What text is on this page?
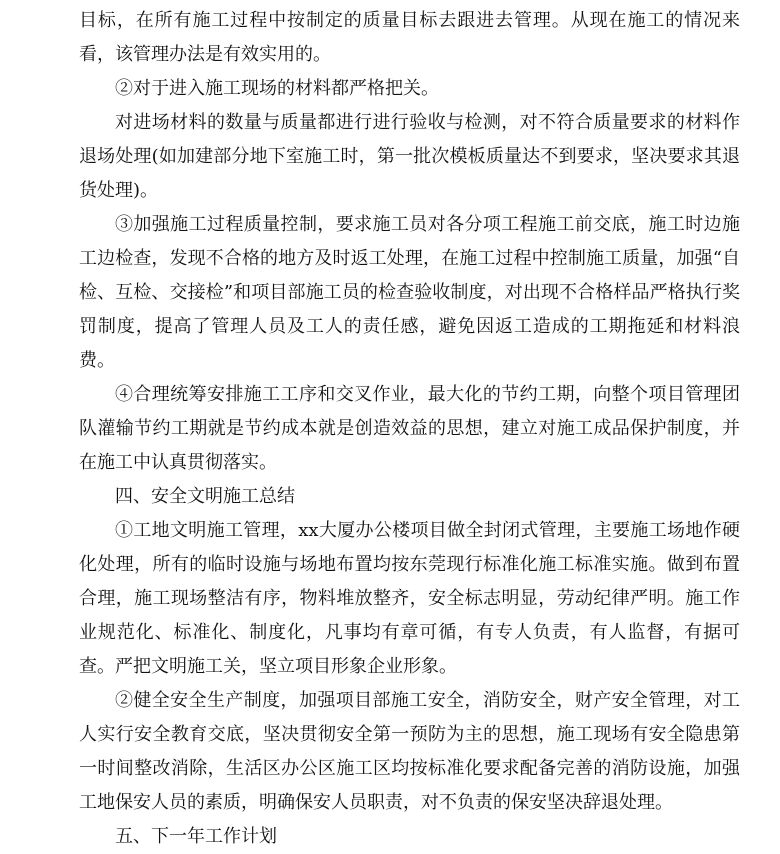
目标，在所有施工过程中按制定的质量目标去跟进去管理。从现在施工的情况来看，该管理办法是有效实用的。

②对于进入施工现场的材料都严格把关。

对进场材料的数量与质量都进行进行验收与检测，对不符合质量要求的材料作退场处理(如加建部分地下室施工时，第一批次模板质量达不到要求，坚决要求其退货处理)。

③加强施工过程质量控制，要求施工员对各分项工程施工前交底，施工时边施工边检查，发现不合格的地方及时返工处理，在施工过程中控制施工质量，加强“自检、互检、交接检”和项目部施工员的检查验收制度，对出现不合格样品严格执行奖罚制度，提高了管理人员及工人的责任感，避免因返工造成的工期拖延和材料浪费。

④合理统筹安排施工工序和交叉作业，最大化的节约工期，向整个项目管理团队灌输节约工期就是节约成本就是创造效益的思想，建立对施工成品保护制度，并在施工中认真贯彻落实。

四、安全文明施工总结

①工地文明施工管理，xx大厦办公楼项目做全封闭式管理，主要施工场地作硬化处理，所有的临时设施与场地布置均按东莞现行标准化施工标准实施。做到布置合理，施工现场整洁有序，物料堆放整齐，安全标志明显，劳动纪律严明。施工作业规范化、标准化、制度化，凡事均有章可循，有专人负责，有人监督，有据可查。严把文明施工关，坚立项目形象企业形象。

②健全安全生产制度，加强项目部施工安全，消防安全，财产安全管理，对工人实行安全教育交底，坚决贯彻安全第一预防为主的思想，施工现场有安全隐患第一时间整改消除，生活区办公区施工区均按标准化要求配备完善的消防设施，加强工地保安人员的素质，明确保安人员职责，对不负责的保安坚决辞退处理。

五、下一年工作计划
